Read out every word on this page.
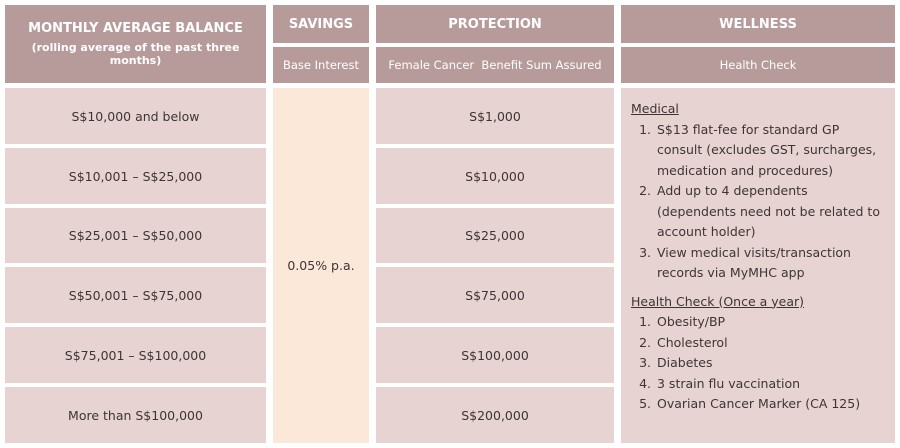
MONTHLY AVERAGE BALANCE
(rolling average of the past three months)
SAVINGS
Base Interest
PROTECTION
Female Cancer  Benefit Sum Assured
WELLNESS
Health Check
S$10,000 and below
S$10,001 – S$25,000
S$25,001 – S$50,000
S$50,001 – S$75,000
S$75,001 – S$100,000
More than S$100,000
0.05% p.a.
S$1,000
S$10,000
S$25,000
S$75,000
S$100,000
S$200,000
Medical
1. S$13 flat-fee for standard GP consult (excludes GST, surcharges, medication and procedures)
2. Add up to 4 dependents (dependents need not be related to account holder)
3. View medical visits/transaction records via MyMHC app
Health Check (Once a year)
1. Obesity/BP
2. Cholesterol
3. Diabetes
4. 3 strain flu vaccination
5. Ovarian Cancer Marker (CA 125)
